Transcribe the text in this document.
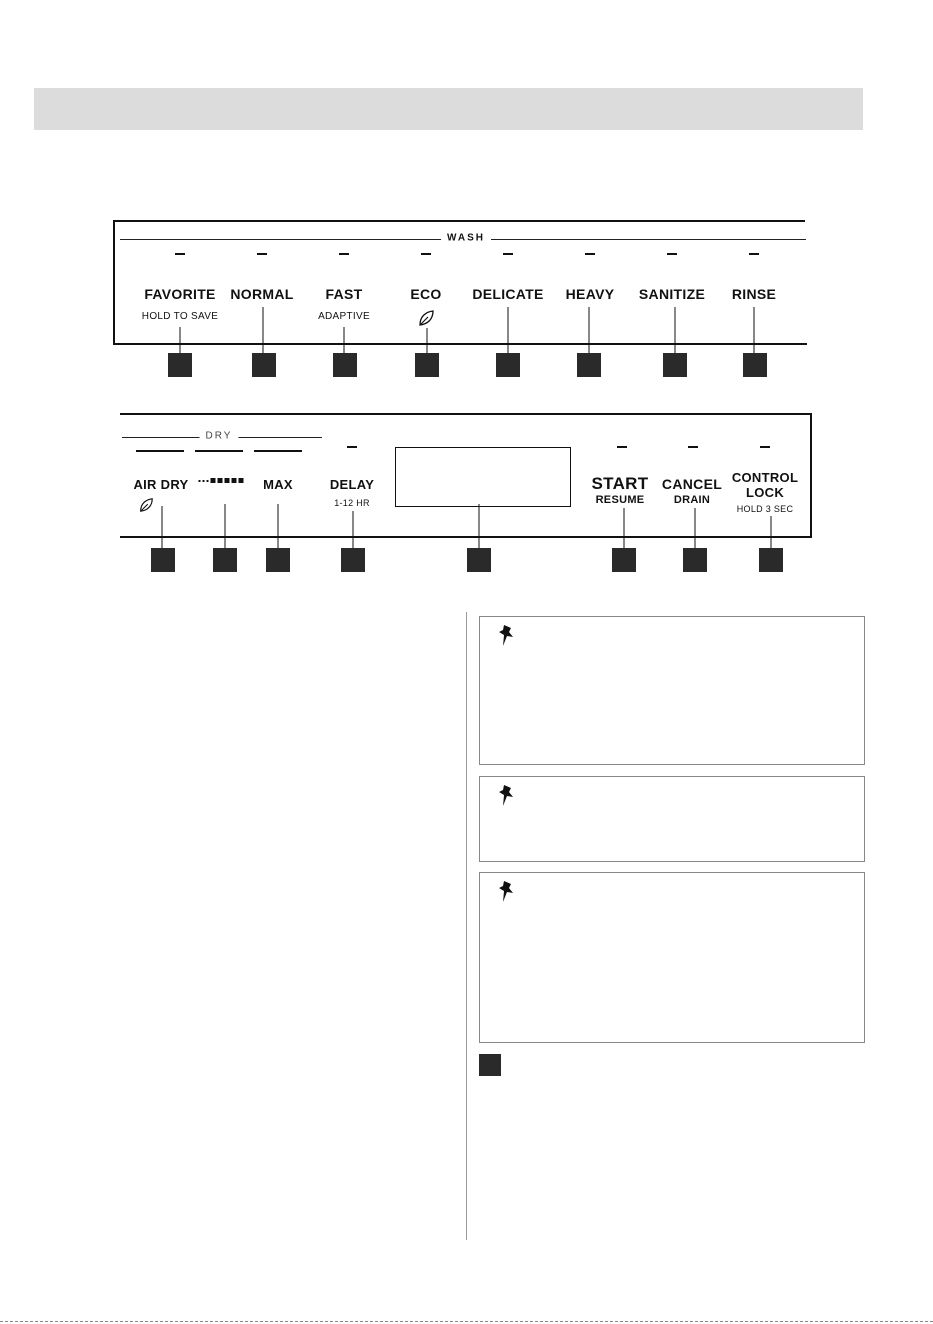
WASH
FAVORITE
HOLD TO SAVE
NORMAL FAST
ADAPTIVE
ECO DELICATE HEAVY SANITIZE RINSE
DRY
AIR DRY	MAX	DELAY
1-12 HR
START
RESUME
CANCEL
DRAIN
CONTROL
LOCK
HOLD 3 SEC
